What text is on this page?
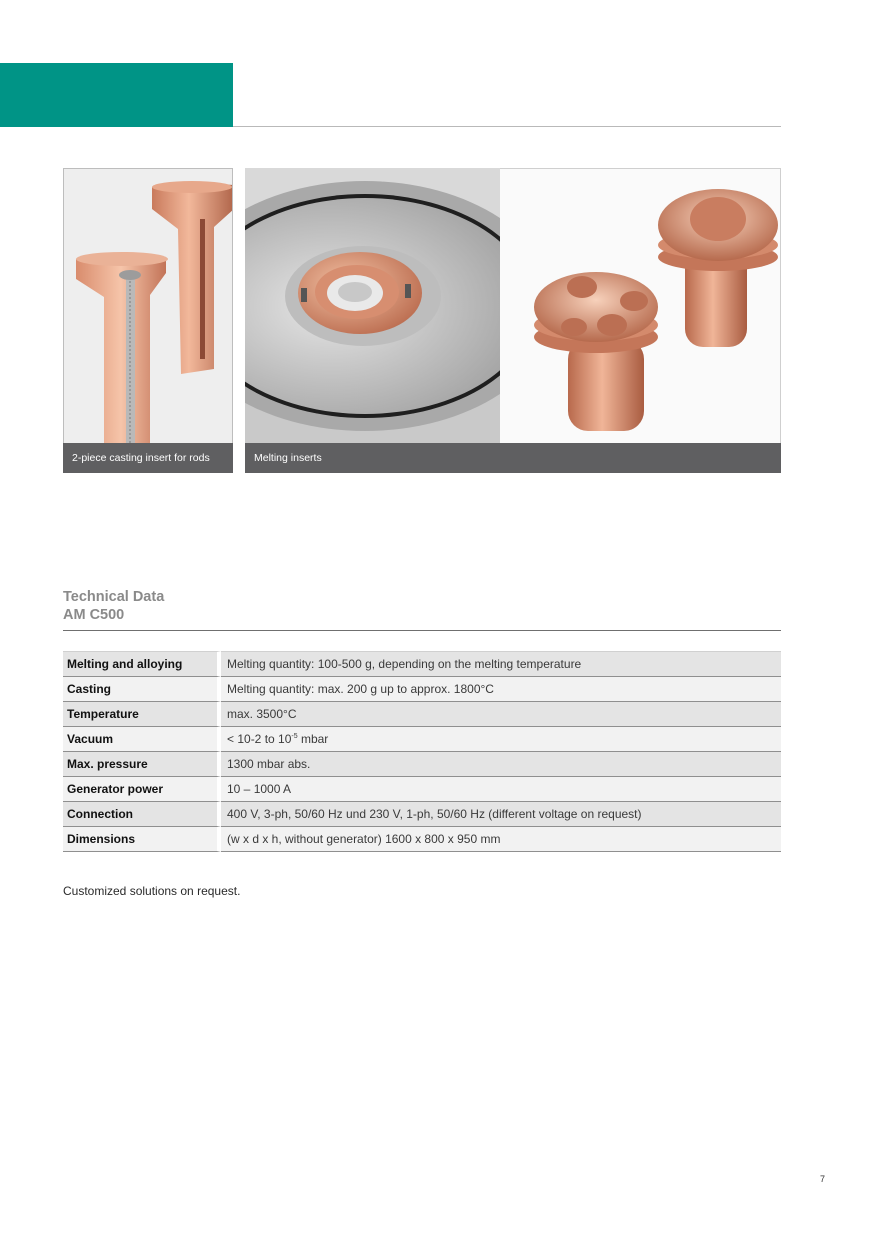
2-piece casting insert for rods	Melting inserts
Technical Data
AM C500
Melting and alloying	Melting quantity: 100-500 g, depending on the melting temperature
Casting	Melting quantity: max. 200 g up to approx. 1800°C
Temperature	max. 3500°C
Vacuum	< 10-2 to $10^{-5}$ mbar
Max. pressure	1300 mbar abs.
Generator power	10 – 1000 A
Connection	400 V, 3-ph, 50/60 Hz und 230 V, 1-ph, 50/60 Hz (different voltage on request)
Dimensions	(w x d x h, without generator) 1600 x 800 x 950 mm
Customized solutions on request.
7
